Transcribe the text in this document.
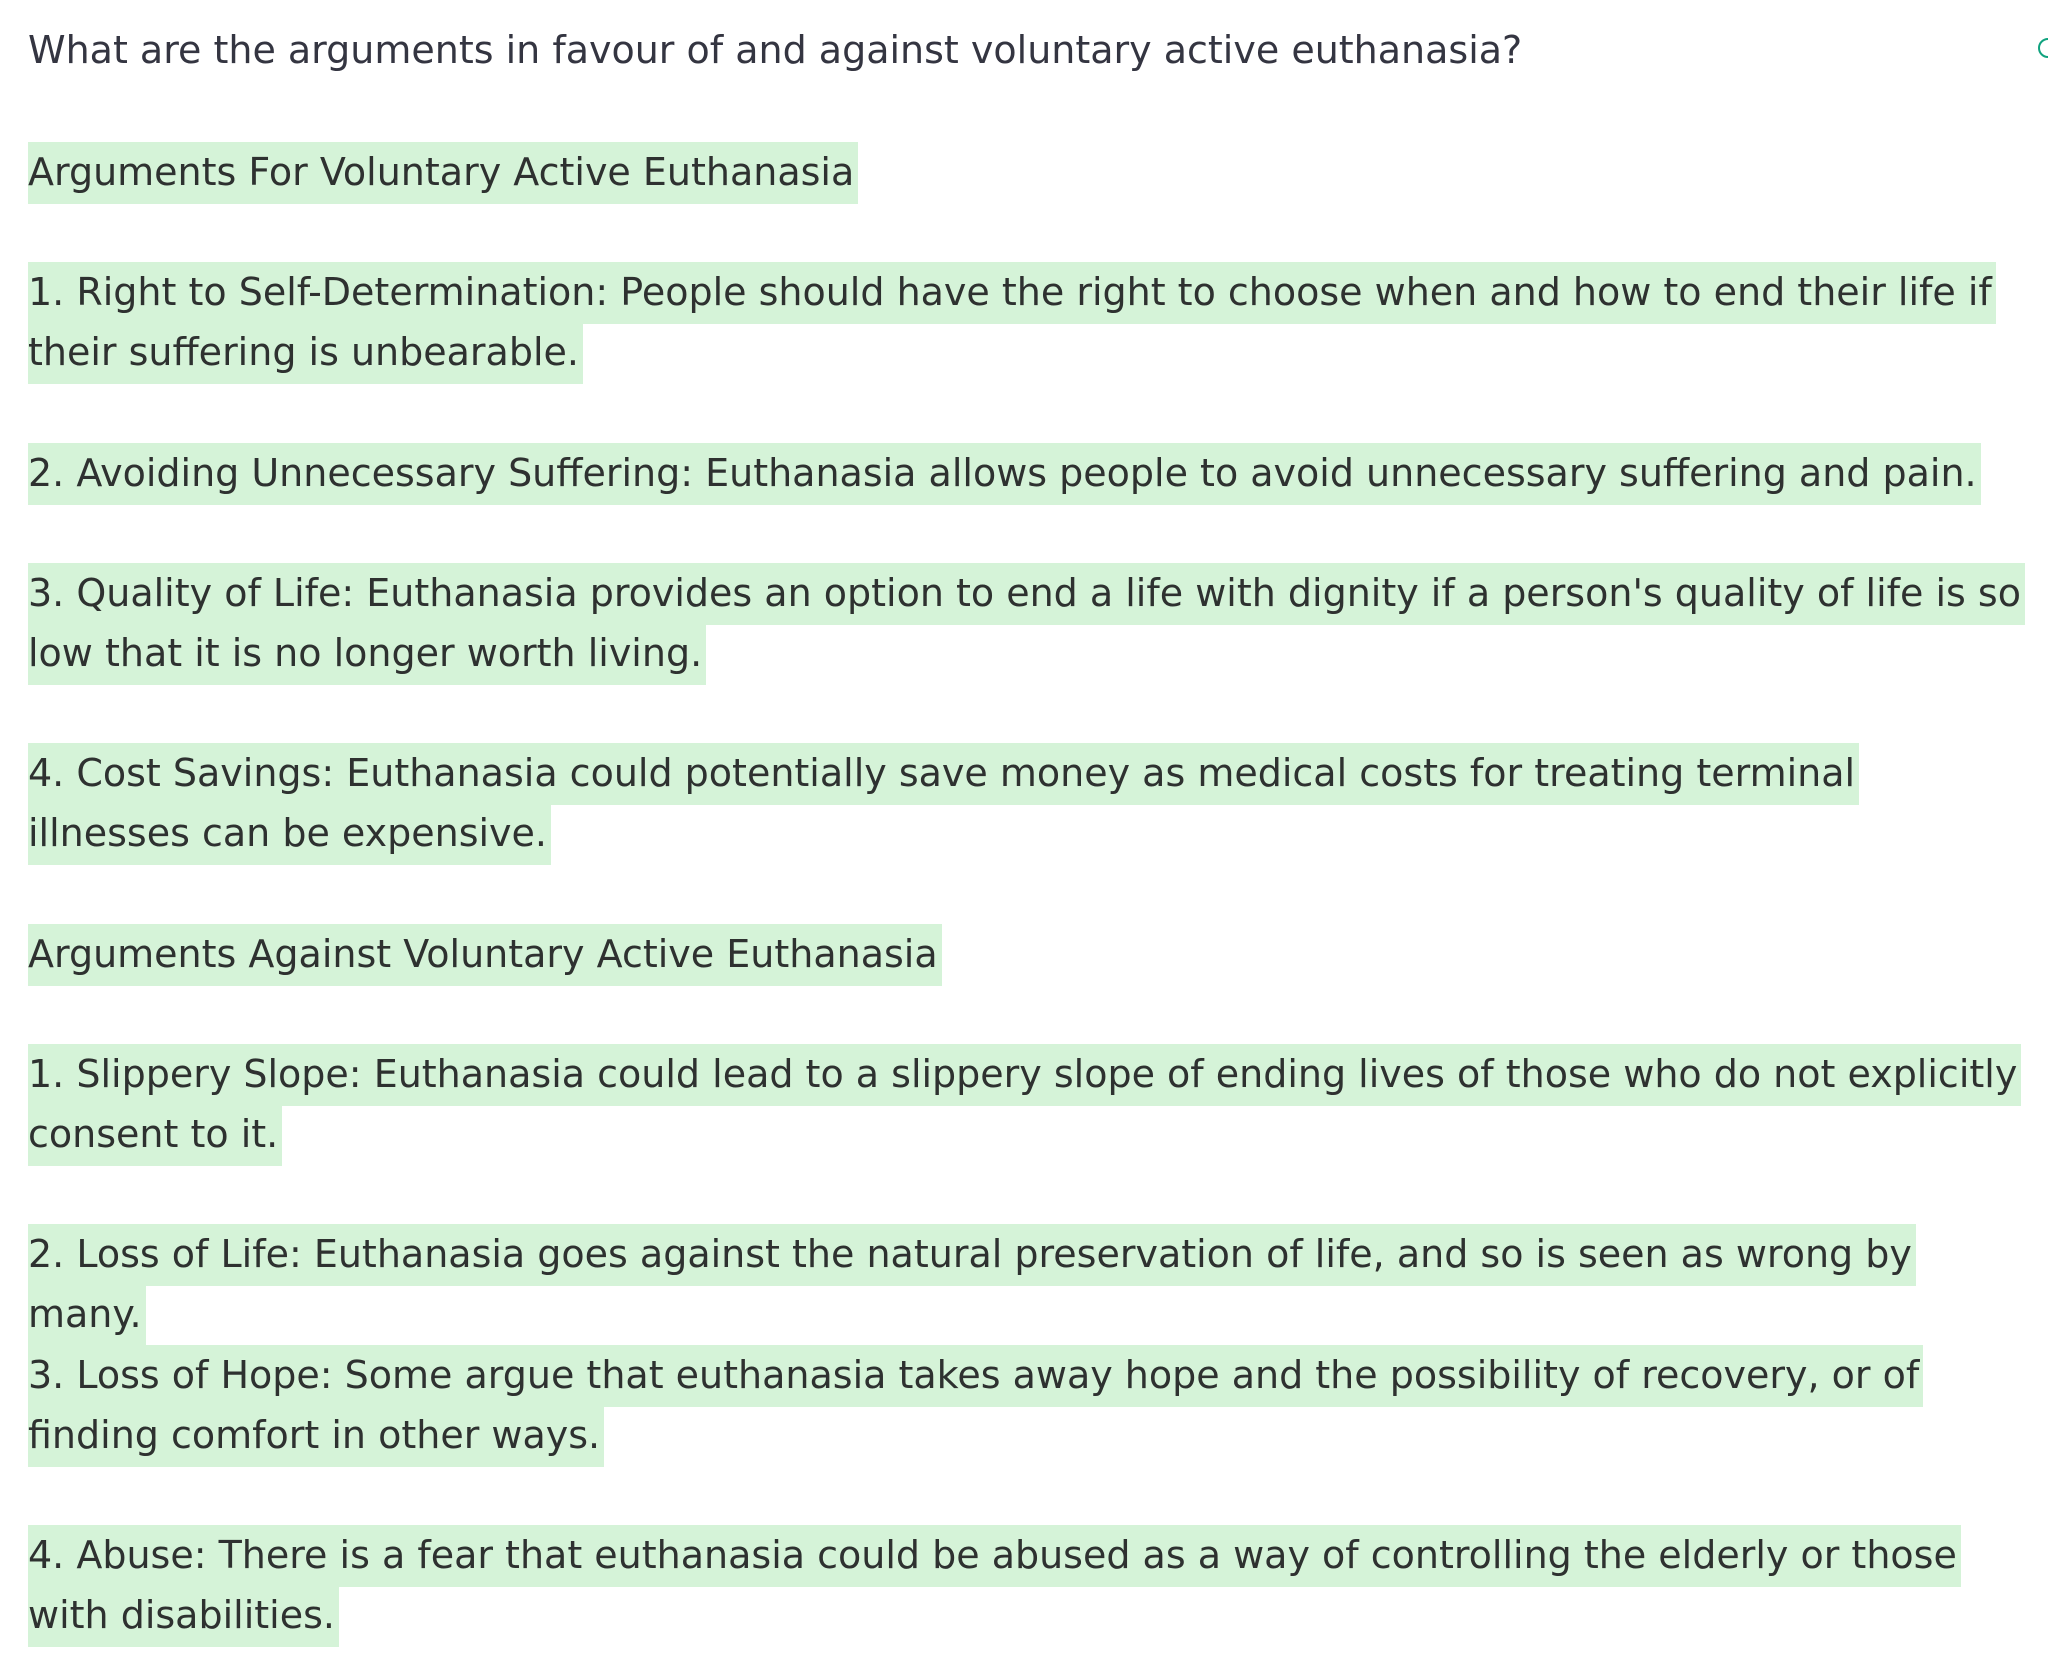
What are the arguments in favour of and against voluntary active euthanasia?
Arguments For Voluntary Active Euthanasia
1. Right to Self-Determination: People should have the right to choose when and how to end their life if their suffering is unbearable.
2. Avoiding Unnecessary Suffering: Euthanasia allows people to avoid unnecessary suffering and pain.
3. Quality of Life: Euthanasia provides an option to end a life with dignity if a person's quality of life is so low that it is no longer worth living.
4. Cost Savings: Euthanasia could potentially save money as medical costs for treating terminal illnesses can be expensive.
Arguments Against Voluntary Active Euthanasia
1. Slippery Slope: Euthanasia could lead to a slippery slope of ending lives of those who do not explicitly consent to it.
2. Loss of Life: Euthanasia goes against the natural preservation of life, and so is seen as wrong by many.
3. Loss of Hope: Some argue that euthanasia takes away hope and the possibility of recovery, or of finding comfort in other ways.
4. Abuse: There is a fear that euthanasia could be abused as a way of controlling the elderly or those with disabilities.
